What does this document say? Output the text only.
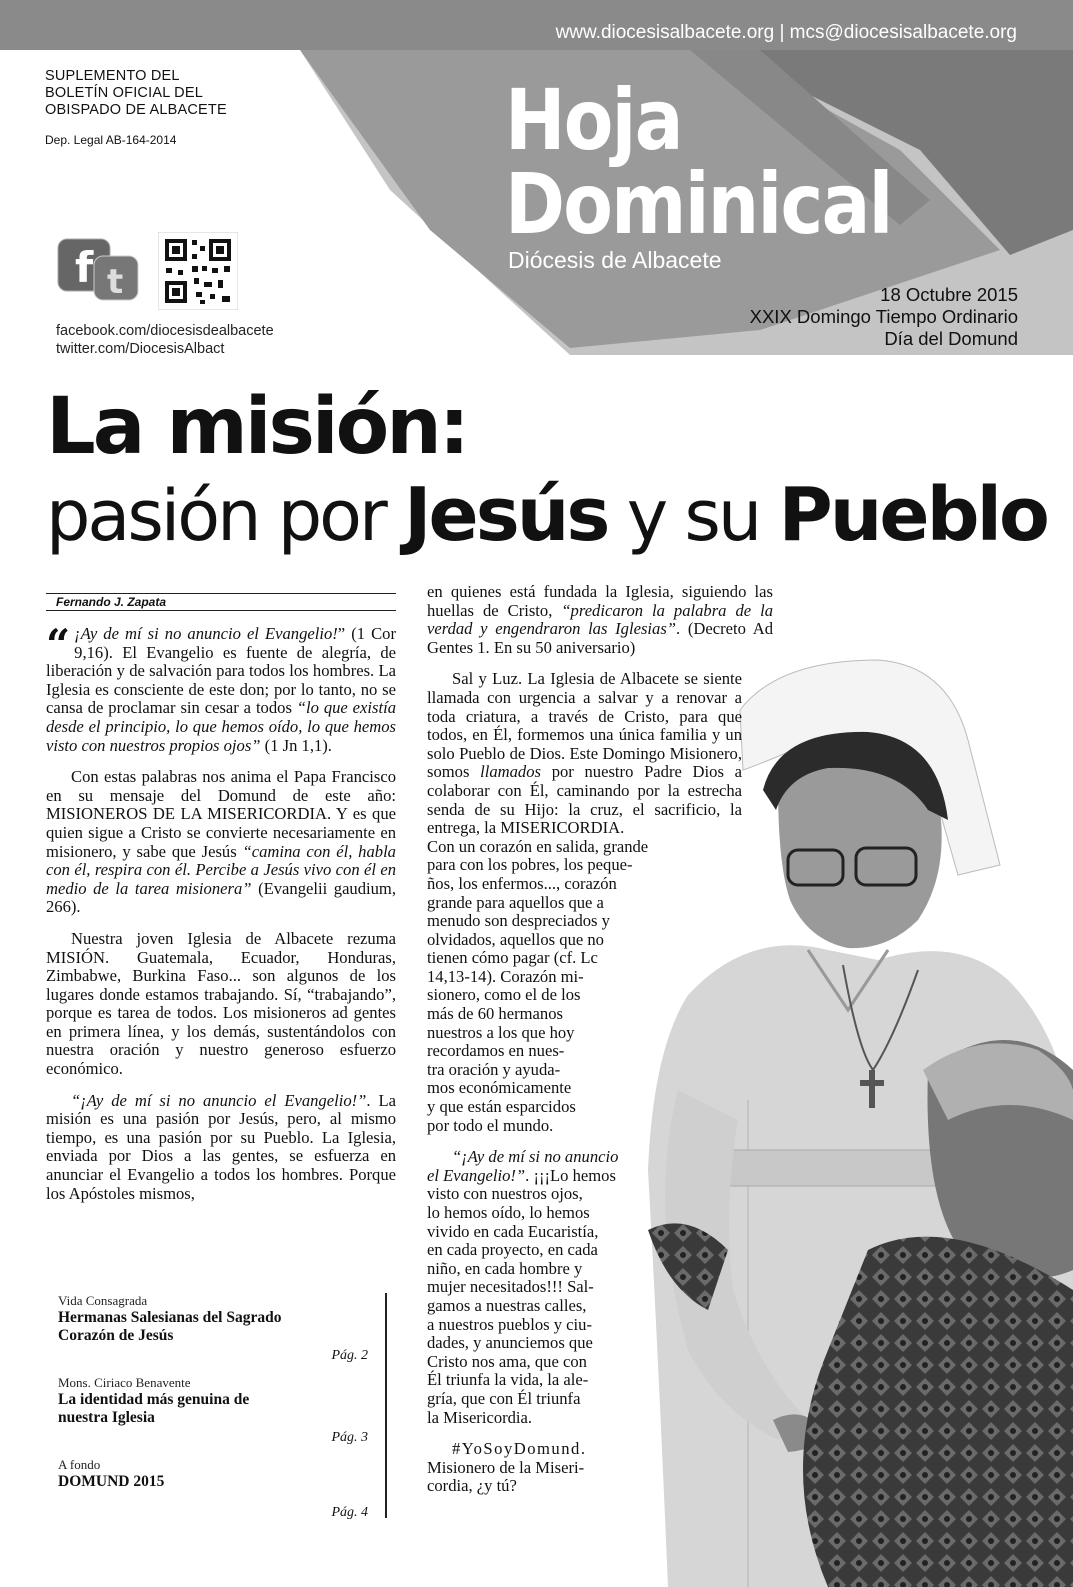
www.diocesisalbacete.org | mcs@diocesisalbacete.org
SUPLEMENTO DEL
BOLETÍN OFICIAL DEL
OBISPADO DE ALBACETE
Dep. Legal AB-164-2014
f t
facebook.com/diocesisdealbacete
twitter.com/DiocesisAlbact
Hoja
Dominical
Diócesis de Albacete
18 Octubre 2015
XXIX Domingo Tiempo Ordinario
Día del Domund
La misión:
pasión por Jesús y su Pueblo
Fernando J. Zapata

“ ¡Ay de mí si no anuncio el Evangelio!” (1 Cor 9,16). El Evangelio es fuente de alegría, de liberación y de salvación para todos los hombres. La Iglesia es consciente de este don; por lo tanto, no se cansa de proclamar sin cesar a todos “lo que existía desde el principio, lo que hemos oído, lo que hemos visto con nuestros propios ojos” (1 Jn 1,1).

Con estas palabras nos anima el Papa Francisco en su mensaje del Domund de este año: MISIONEROS DE LA MISERICORDIA. Y es que quien sigue a Cristo se convierte necesariamente en misionero, y sabe que Jesús “camina con él, habla con él, respira con él. Percibe a Jesús vivo con él en medio de la tarea misionera” (Evangelii gaudium, 266).

Nuestra joven Iglesia de Albacete rezuma MISIÓN. Guatemala, Ecuador, Honduras, Zimbabwe, Burkina Faso... son algunos de los lugares donde estamos trabajando. Sí, “trabajando”, porque es tarea de todos. Los misioneros ad gentes en primera línea, y los demás, sustentándolos con nuestra oración y nuestro generoso esfuerzo económico.

“¡Ay de mí si no anuncio el Evangelio!”. La misión es una pasión por Jesús, pero, al mismo tiempo, es una pasión por su Pueblo. La Iglesia, enviada por Dios a las gentes, se esfuerza en anunciar el Evangelio a todos los hombres. Porque los Apóstoles mismos,

en quienes está fundada la Iglesia, siguiendo las huellas de Cristo, “predicaron la palabra de la verdad y engendraron las Iglesias”. (Decreto Ad Gentes 1. En su 50 aniversario)

Sal y Luz. La Iglesia de Albacete se siente llamada con urgencia a salvar y a renovar a toda criatura, a través de Cristo, para que todos, en Él, formemos una única familia y un solo Pueblo de Dios. Este Domingo Misionero, somos llamados por nuestro Padre Dios a colaborar con Él, caminando por la estrecha senda de su Hijo: la cruz, el sacrificio, la entrega, la MISERICORDIA.

Con un corazón en salida, grande
para con los pobres, los peque-
ños, los enfermos..., corazón
grande para aquellos que a
menudo son despreciados y
olvidados, aquellos que no
tienen cómo pagar (cf. Lc
14,13-14). Corazón mi-
sionero, como el de los
más de 60 hermanos
nuestros a los que hoy
recordamos en nues-
tra oración y ayuda-
mos económicamente
y que están esparcidos
por todo el mundo.
“¡Ay de mí si no anuncio
el Evangelio!”. ¡¡¡Lo hemos
visto con nuestros ojos,
lo hemos oído, lo hemos
vivido en cada Eucaristía,
en cada proyecto, en cada
niño, en cada hombre y
mujer necesitados!!! Sal-
gamos a nuestras calles,
a nuestros pueblos y ciu-
dades, y anunciemos que
Cristo nos ama, que con
Él triunfa la vida, la ale-
gría, que con Él triunfa
la Misericordia.
#YoSoyDomund.
Misionero de la Miseri-
cordia, ¿y tú?
Vida Consagrada
Hermanas Salesianas del Sagrado
Corazón de Jesús
Pág. 2
Mons. Ciriaco Benavente
La identidad más genuina de
nuestra Iglesia
Pág. 3
A fondo
DOMUND 2015
Pág. 4
